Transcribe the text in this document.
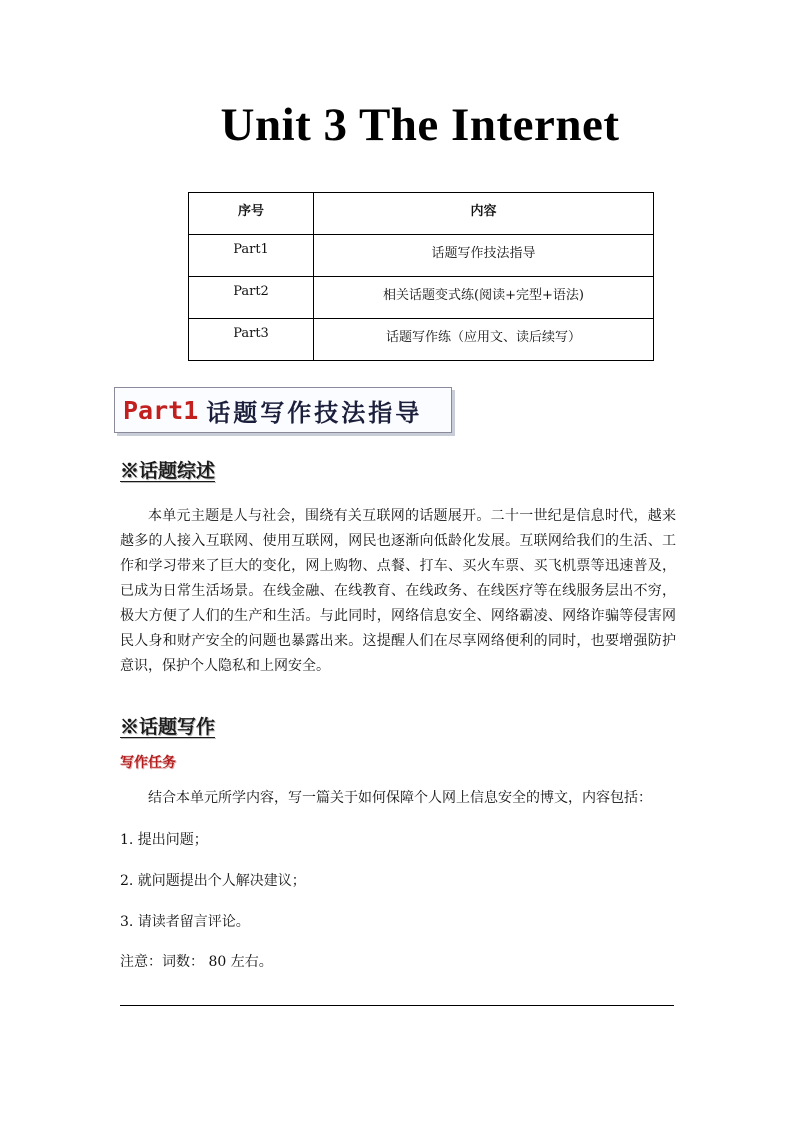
Unit 3 The Internet
序号	内容
Part1	话题写作技法指导
Part2	相关话题变式练(阅读+完型+语法)
Part3	话题写作练（应用文、读后续写）
Part1 话题写作技法指导
※话题综述
本单元主题是人与社会，围绕有关互联网的话题展开。二十一世纪是信息时代，越来越多的人接入互联网、使用互联网，网民也逐渐向低龄化发展。互联网给我们的生活、工作和学习带来了巨大的变化，网上购物、点餐、打车、买火车票、买飞机票等迅速普及，已成为日常生活场景。在线金融、在线教育、在线政务、在线医疗等在线服务层出不穷，极大方便了人们的生产和生活。与此同时，网络信息安全、网络霸凌、网络诈骗等侵害网民人身和财产安全的问题也暴露出来。这提醒人们在尽享网络便利的同时，也要增强防护意识，保护个人隐私和上网安全。
※话题写作
写作任务
结合本单元所学内容，写一篇关于如何保障个人网上信息安全的博文，内容包括：
1. 提出问题；
2. 就问题提出个人解决建议；
3. 请读者留言评论。
注意：词数： 80 左右。
